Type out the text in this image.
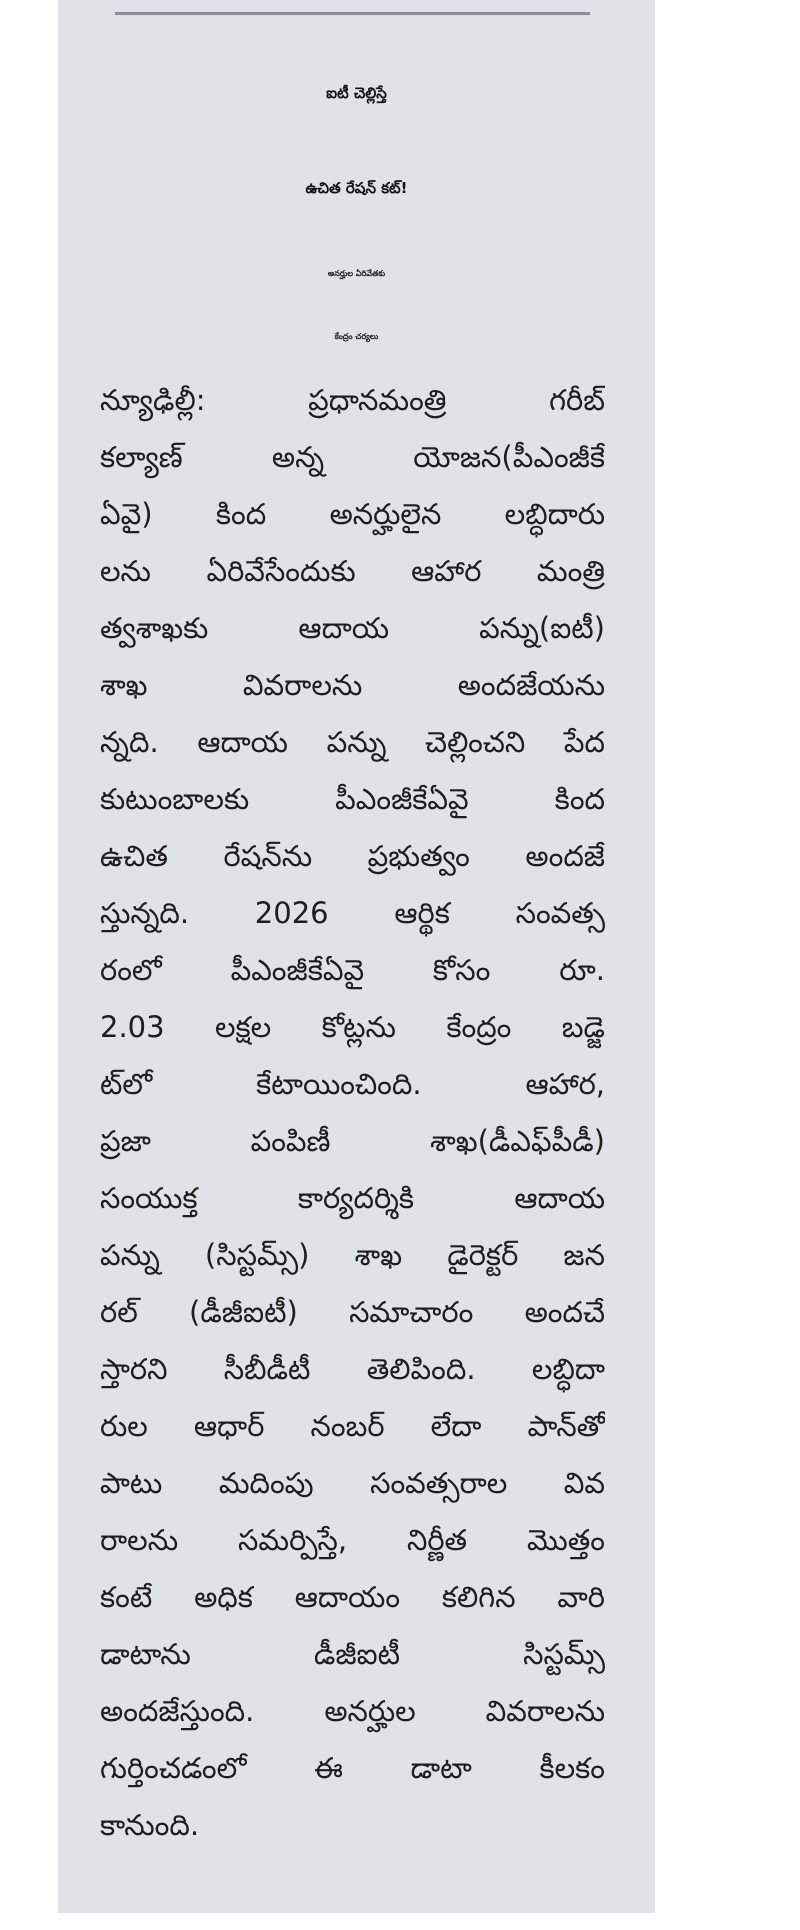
ఐటీ చెల్లిస్తే
ఉచిత రేషన్ కట్!
అనర్హుల ఏరివేతకు
కేంద్రం చర్యలు
న్యూఢిల్లీ: ప్రధానమంత్రి గరీబ్
కల్యాణ్ అన్న యోజన(పీఎంజీకే
ఏవై) కింద అనర్హులైన లబ్ధిదారు
లను ఏరివేసేందుకు ఆహార మంత్రి
త్వశాఖకు ఆదాయ పన్ను(ఐటీ)
శాఖ వివరాలను అందజేయను
న్నది. ఆదాయ పన్ను చెల్లించని పేద
కుటుంబాలకు పీఎంజీకేఏవై కింద
ఉచిత రేషన్‌ను ప్రభుత్వం అందజే
స్తున్నది. 2026 ఆర్థిక సంవత్స
రంలో పీఎంజీకేఏవై కోసం రూ.
2.03 లక్షల కోట్లను కేంద్రం బడ్జె
ట్‌లో కేటాయించింది. ఆహార,
ప్రజా పంపిణీ శాఖ(డీఎఫ్‌పీడీ)
సంయుక్త కార్యదర్శికి ఆదాయ
పన్ను (సిస్టమ్స్) శాఖ డైరెక్టర్ జన
రల్ (డీజీఐటీ) సమాచారం అందచే
స్తారని సీబీడీటీ తెలిపింది. లబ్ధిదా
రుల ఆధార్ నంబర్ లేదా పాన్‌తో
పాటు మదింపు సంవత్సరాల వివ
రాలను సమర్పిస్తే, నిర్ణీత మొత్తం
కంటే అధిక ఆదాయం కలిగిన వారి
డాటాను డీజీఐటీ సిస్టమ్స్
అందజేస్తుంది. అనర్హుల వివరాలను
గుర్తించడంలో ఈ డాటా కీలకం
కానుంది.
